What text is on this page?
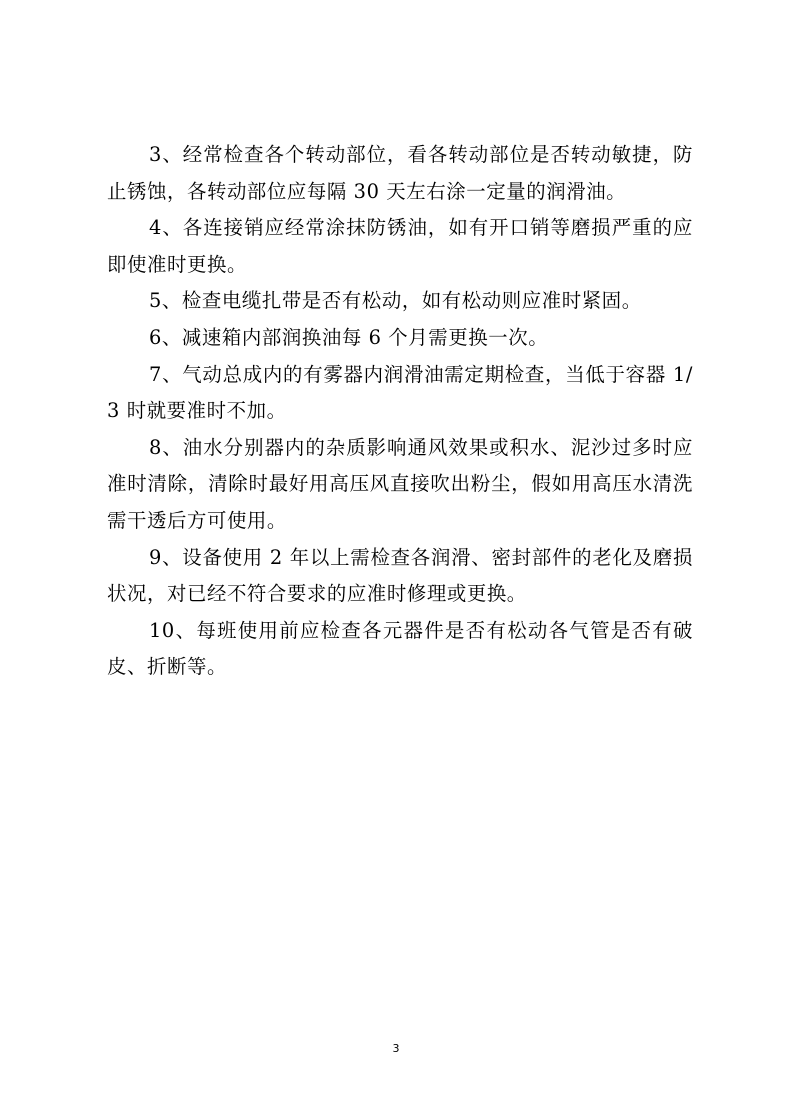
3、经常检查各个转动部位，看各转动部位是否转动敏捷，防止锈蚀，各转动部位应每隔 30 天左右涂一定量的润滑油。

4、各连接销应经常涂抹防锈油，如有开口销等磨损严重的应即使准时更换。

5、检查电缆扎带是否有松动，如有松动则应准时紧固。

6、减速箱内部润换油每 6 个月需更换一次。

7、气动总成内的有雾器内润滑油需定期检查，当低于容器 1/3 时就要准时不加。

8、油水分别器内的杂质影响通风效果或积水、泥沙过多时应准时清除，清除时最好用高压风直接吹出粉尘，假如用高压水清洗需干透后方可使用。

9、设备使用 2 年以上需检查各润滑、密封部件的老化及磨损状况，对已经不符合要求的应准时修理或更换。

10、每班使用前应检查各元器件是否有松动各气管是否有破皮、折断等。

3
